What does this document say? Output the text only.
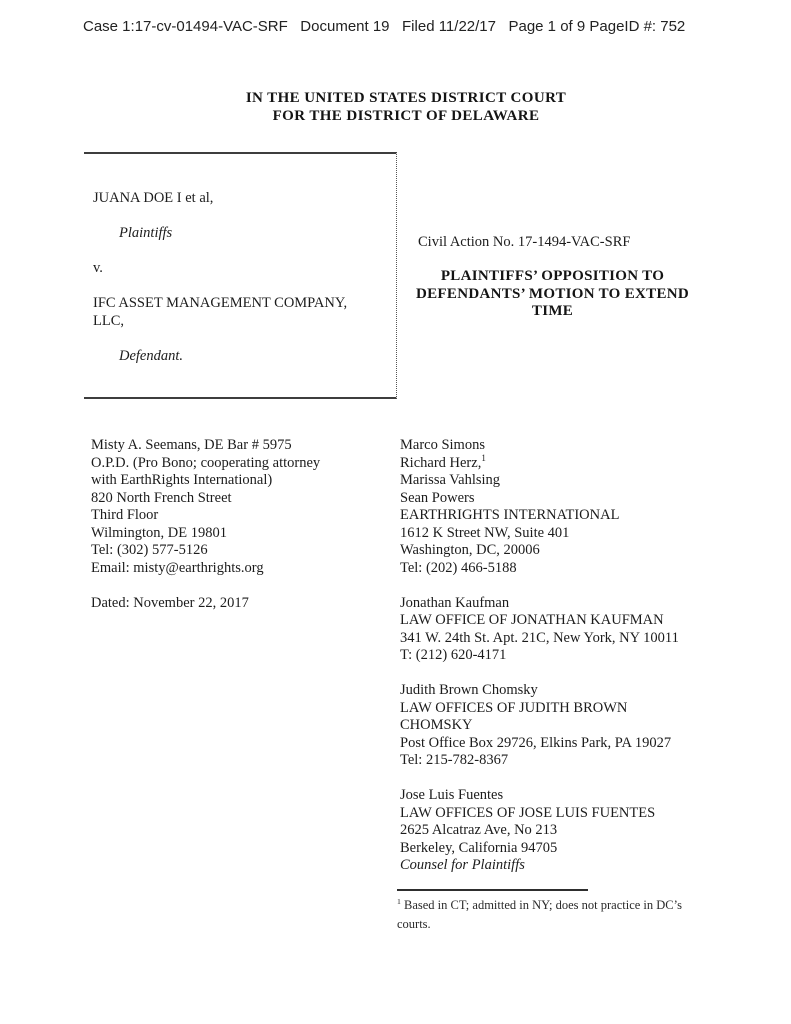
Case 1:17-cv-01494-VAC-SRF   Document 19   Filed 11/22/17   Page 1 of 9 PageID #: 752
IN THE UNITED STATES DISTRICT COURT
FOR THE DISTRICT OF DELAWARE

JUANA DOE I et al,

Plaintiffs

v.

IFC ASSET MANAGEMENT COMPANY,
LLC,

Defendant.

Civil Action No. 17-1494-VAC-SRF
PLAINTIFFS’ OPPOSITION TO
DEFENDANTS’ MOTION TO EXTEND
TIME
Misty A. Seemans, DE Bar # 5975
O.P.D. (Pro Bono; cooperating attorney
with EarthRights International)
820 North French Street
Third Floor
Wilmington, DE 19801
Tel: (302) 577-5126
Email: misty@earthrights.org
Dated: November 22, 2017
Marco Simons
Richard Herz,$^1$
Marissa Vahlsing
Sean Powers
EARTHRIGHTS INTERNATIONAL
1612 K Street NW, Suite 401
Washington, DC, 20006
Tel: (202) 466-5188
Jonathan Kaufman
LAW OFFICE OF JONATHAN KAUFMAN
341 W. 24th St. Apt. 21C, New York, NY 10011
T: (212) 620-4171
Judith Brown Chomsky
LAW OFFICES OF JUDITH BROWN
CHOMSKY
Post Office Box 29726, Elkins Park, PA 19027
Tel: 215-782-8367
Jose Luis Fuentes
LAW OFFICES OF JOSE LUIS FUENTES
2625 Alcatraz Ave, No 213
Berkeley, California 94705
Counsel for Plaintiffs
$^1$ Based in CT; admitted in NY; does not practice in DC’s courts.
